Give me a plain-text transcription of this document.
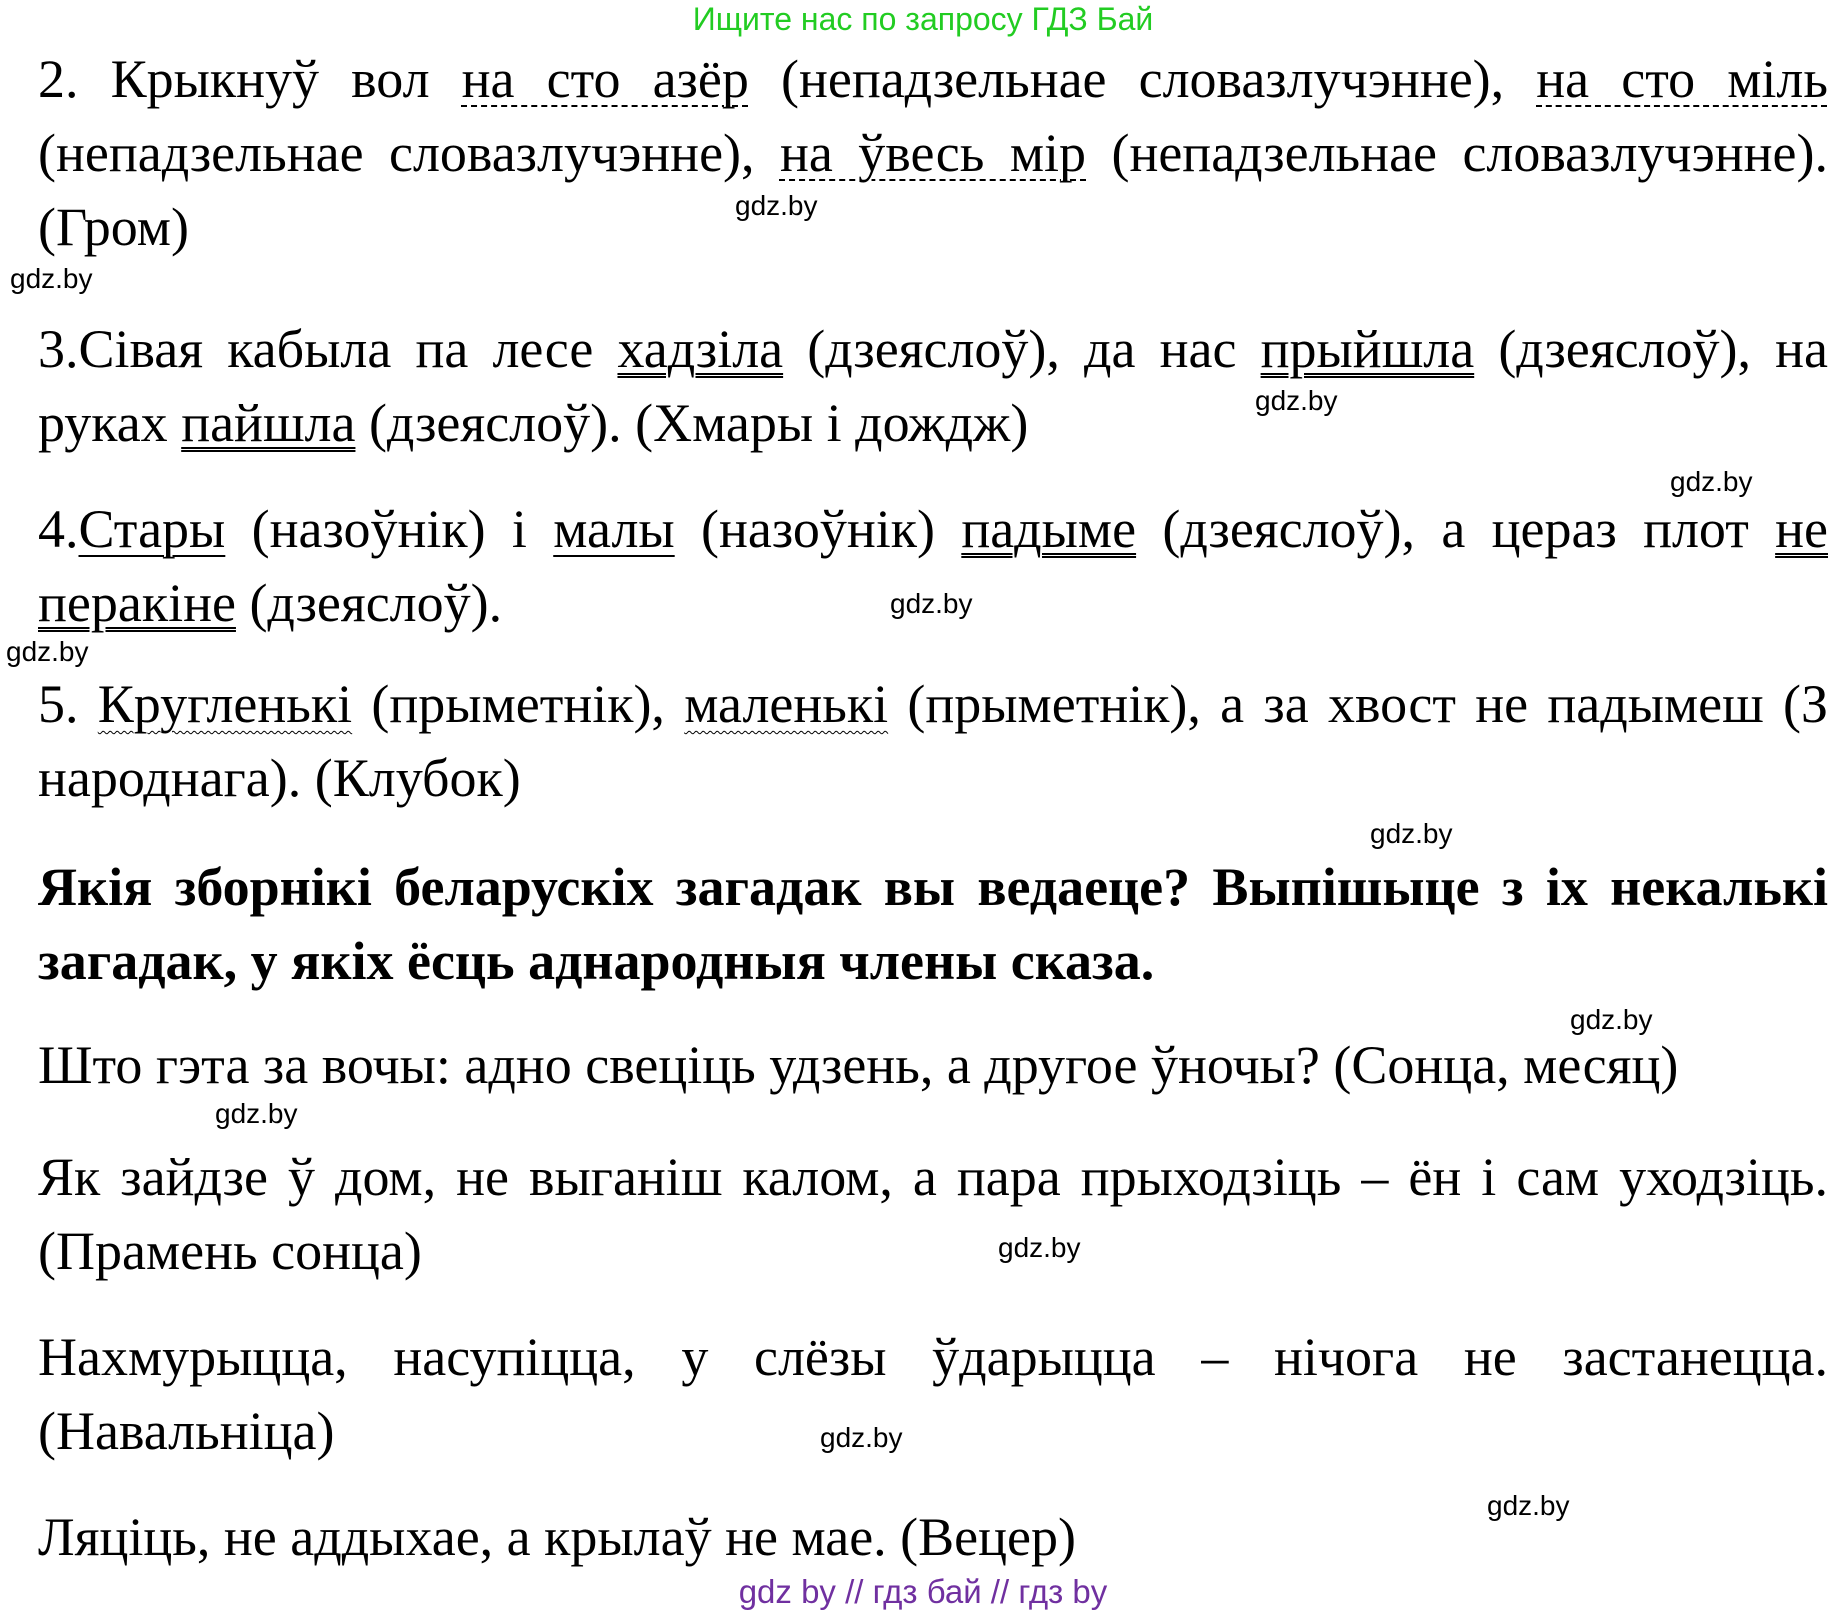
Ищите нас по запросу ГДЗ Бай

2. Крыкнуў вол на сто азёр (непадзельнае словазлучэнне), на сто міль (непадзельнае словазлучэнне), на ўвесь мір (непадзельнае словазлучэнне). (Гром)

3.Сівая кабыла па лесе хадзіла (дзеяслоў), да нас прыйшла (дзеяслоў), на руках пайшла (дзеяслоў). (Хмары і дождж)

4.Стары (назоўнік) і малы (назоўнік) падыме (дзеяслоў), а цераз плот не перакіне (дзеяслоў).

5. Кругленькі (прыметнік), маленькі (прыметнік), а за хвост не падымеш (З народнага). (Клубок)

Якія зборнікі беларускіх загадак вы ведаеце? Выпішыце з іх некалькі загадак, у якіх ёсць аднародныя члены сказа.

Што гэта за вочы: адно свеціць удзень, а другое ўночы? (Сонца, месяц)

Як зайдзе ў дом, не выганіш калом, а пара прыходзіць – ён і сам уходзіць. (Прамень сонца)

Нахмурыцца, насупіцца, у слёзы ўдарыцца – нічога не застанецца. (Навальніца)

Ляціць, не аддыхае, а крылаў не мае. (Вецер)

gdz.by
gdz.by
gdz.by
gdz.by
gdz.by
gdz.by
gdz.by
gdz.by
gdz.by
gdz.by
gdz.by
gdz.by
gdz by // гдз бай // гдз by
